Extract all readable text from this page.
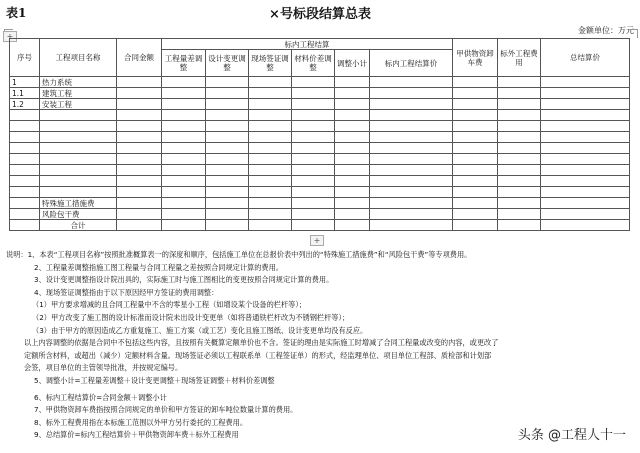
表1	×号标段结算总表
金额单位：万元
+
序号	工程项目名称	合同金额	标内工程结算						甲供物资卸车费	标外工程费用	总结算价
			工程量差调整	设计变更调整	现场签证调整	材料价差调整	调整小计	标内工程结算价			
1	热力系统										
1.1	建筑工程										
1.2	安装工程										

	特殊施工措施费										
	风险包干费										
	合计										
+
说明：1、本表“工程项目名称”按照批准概算表一的深度和顺序，包括施工单位在总报价表中列出的“特殊施工措施费”和“风险包干费”等专项费用。
2、工程量差调整指施工图工程量与合同工程量之差按照合同规定计算的费用。
3、设计变更调整指设计院出具的，实际施工时与施工图相比的变更按照合同规定计算的费用。
4、现场签证调整指由于以下原因经甲方签证的费用调整：
（1）甲方要求增减的且合同工程量中不含的零星小工程（如增设某个设备的栏杆等）；
（2）甲方改变了施工图的设计标准而设计院未出设计变更单（如将普通铁栏杆改为不锈钢栏杆等）；
（3）由于甲方的原因造成乙方重复施工、施工方案（或工艺）变化且施工图纸、设计变更单均没有反应。
以上内容调整的依据是合同中不包括这些内容，且按照有关概算定额单价也不含。签证的理由是实际施工时增减了合同工程量或改变的内容，或更改了
定额所含材料，或超出（减少）定额材料含量。现场签证必须以工程联系单（工程签证单）的形式，经监理单位、项目单位工程部、质检部和计划部
会签，项目单位的主管领导批准，并按规定编号。
5、调整小计=工程量差调整＋设计变更调整＋现场签证调整＋材料价差调整
6、标内工程结算价=合同金额＋调整小计
7、甲供物资卸车费指按照合同规定的单价和甲方签证的卸车吨位数量计算的费用。
8、标外工程费用指在本标施工范围以外甲方另行委托的工程费用。
9、总结算价=标内工程结算价＋甲供物资卸车费＋标外工程费用	头条 @工程人十一
